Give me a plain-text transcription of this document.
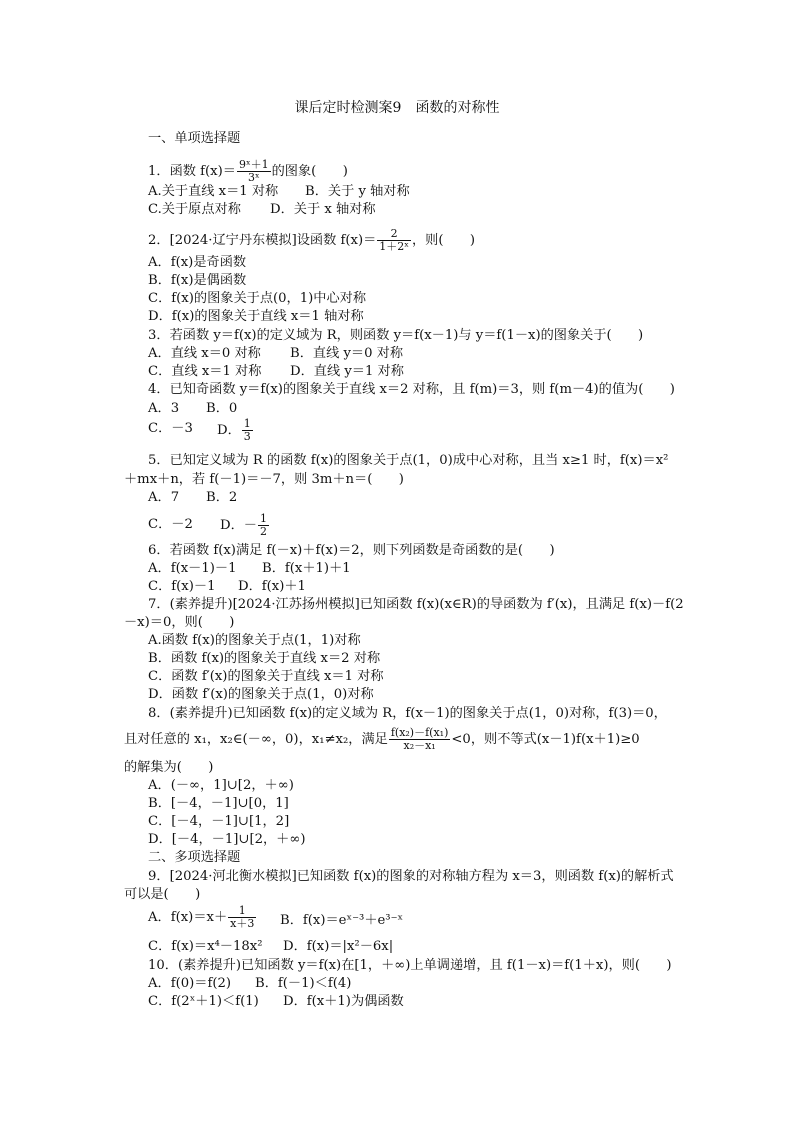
课后定时检测案9　函数的对称性
一、单项选择题
1．函数 $f(x)= \frac{\text{9ˣ＋1}}{\text{3ˣ}}$ 的图象(　　)
A.关于直线 x＝1 对称 B．关于 y 轴对称
C.关于原点对称 D．关于 x 轴对称
2．[2024·辽宁丹东模拟]设函数 $f(x)= \frac{2}{\text{1＋2ˣ}}$ ，则(　　)
A．f(x)是奇函数
B．f(x)是偶函数
C．f(x)的图象关于点(0，1)中心对称
D．f(x)的图象关于直线 x＝1 轴对称
3．若函数 y＝f(x)的定义域为 R，则函数 y＝f(x－1)与 y＝f(1－x)的图象关于(　　)
A．直线 x＝0 对称 B．直线 y＝0 对称
C．直线 x＝1 对称 D．直线 y＝1 对称
4．已知奇函数 y＝f(x)的图象关于直线 x＝2 对称，且 f(m)＝3，则 f(m－4)的值为(　　)
A．3 B．0
C．－3 D． $\frac{1}{3}$
5．已知定义域为 R 的函数 f(x)的图象关于点(1，0)成中心对称，且当 x≥1 时，f(x)＝x²
＋mx＋n，若 f(－1)＝－7，则 3m＋n＝(　　)
A．7 B．2
C．－2 D．－ $\frac{1}{2}$
6．若函数 f(x)满足 f(－x)＋f(x)＝2，则下列函数是奇函数的是(　　)
A．f(x－1)－1 B．f(x＋1)＋1
C．f(x)－1 D．f(x)＋1
7．(素养提升)[2024·江苏扬州模拟]已知函数 f(x)(x∈R)的导函数为 f′(x)，且满足 f(x)－f(2
－x)＝0，则(　　)
A.函数 f(x)的图象关于点(1，1)对称
B．函数 f(x)的图象关于直线 x＝2 对称
C．函数 f′(x)的图象关于直线 x＝1 对称
D．函数 f′(x)的图象关于点(1，0)对称
8．(素养提升)已知函数 f(x)的定义域为 R，f(x－1)的图象关于点(1，0)对称，f(3)＝0，
且对任意的 x₁，x₂∈(－∞，0)，x₁≠x₂，满足 $\frac{\text{f(x₂)－f(x₁)}}{\text{x₂－x₁}} <0$，则不等式(x－1)f(x＋1)≥0
的解集为(　　)
A．(－∞，1]∪[2，＋∞)
B．[－4，－1]∪[0，1]
C．[－4，－1]∪[1，2]
D．[－4，－1]∪[2，＋∞)
二、多项选择题
9．[2024·河北衡水模拟]已知函数 f(x)的图象的对称轴方程为 x＝3，则函数 f(x)的解析式
可以是(　　)
A．$f(x)=x+ \frac{1}{x+3}$ B．f(x)＝eˣ⁻³＋e³⁻ˣ
C．f(x)＝x⁴－18x² D．f(x)＝|x²－6x|
10．(素养提升)已知函数 y＝f(x)在[1，＋∞)上单调递增，且 f(1－x)＝f(1＋x)，则(　　)
A．f(0)＝f(2) B．f(－1)＜f(4)
C．f(2ˣ＋1)＜f(1) D．f(x＋1)为偶函数
